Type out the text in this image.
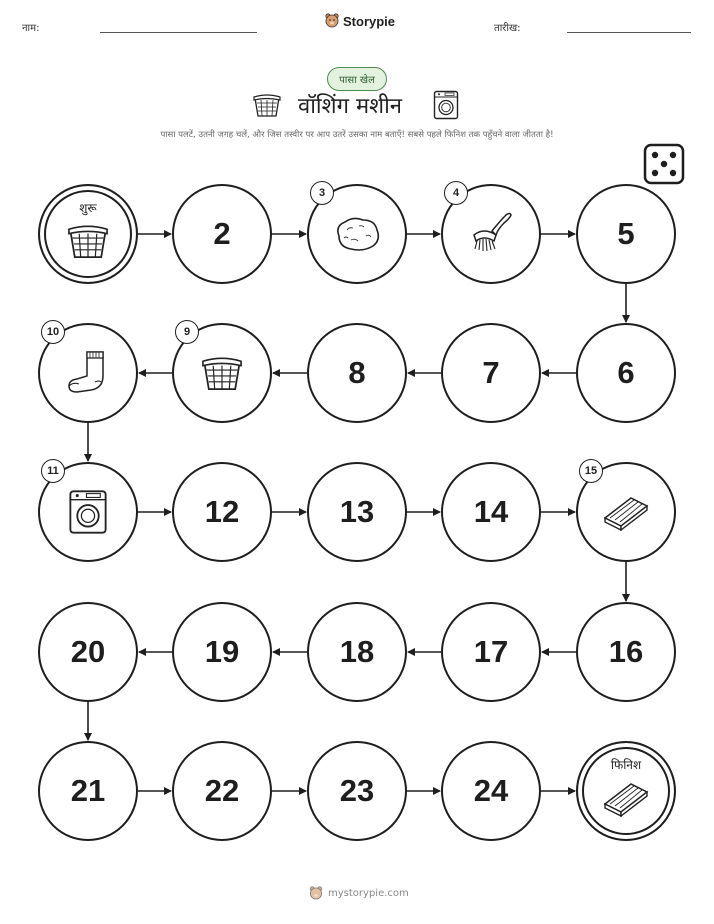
नाम:	Storypie	तारीख:
पासा खेल
वॉशिंग मशीन
पासा पलटें, उतनी जगह चलें, और जिस तस्वीर पर आप उतरें उसका नाम बताएँ! सबसे पहले फिनिश तक पहुँचने वाला जीतता है!
शुरू
2
3	4
5
6
7
8
9
10
11
12	13	14
15
16
17
18
19
20
21	22	23	24
फिनिश
mystorypie.com
